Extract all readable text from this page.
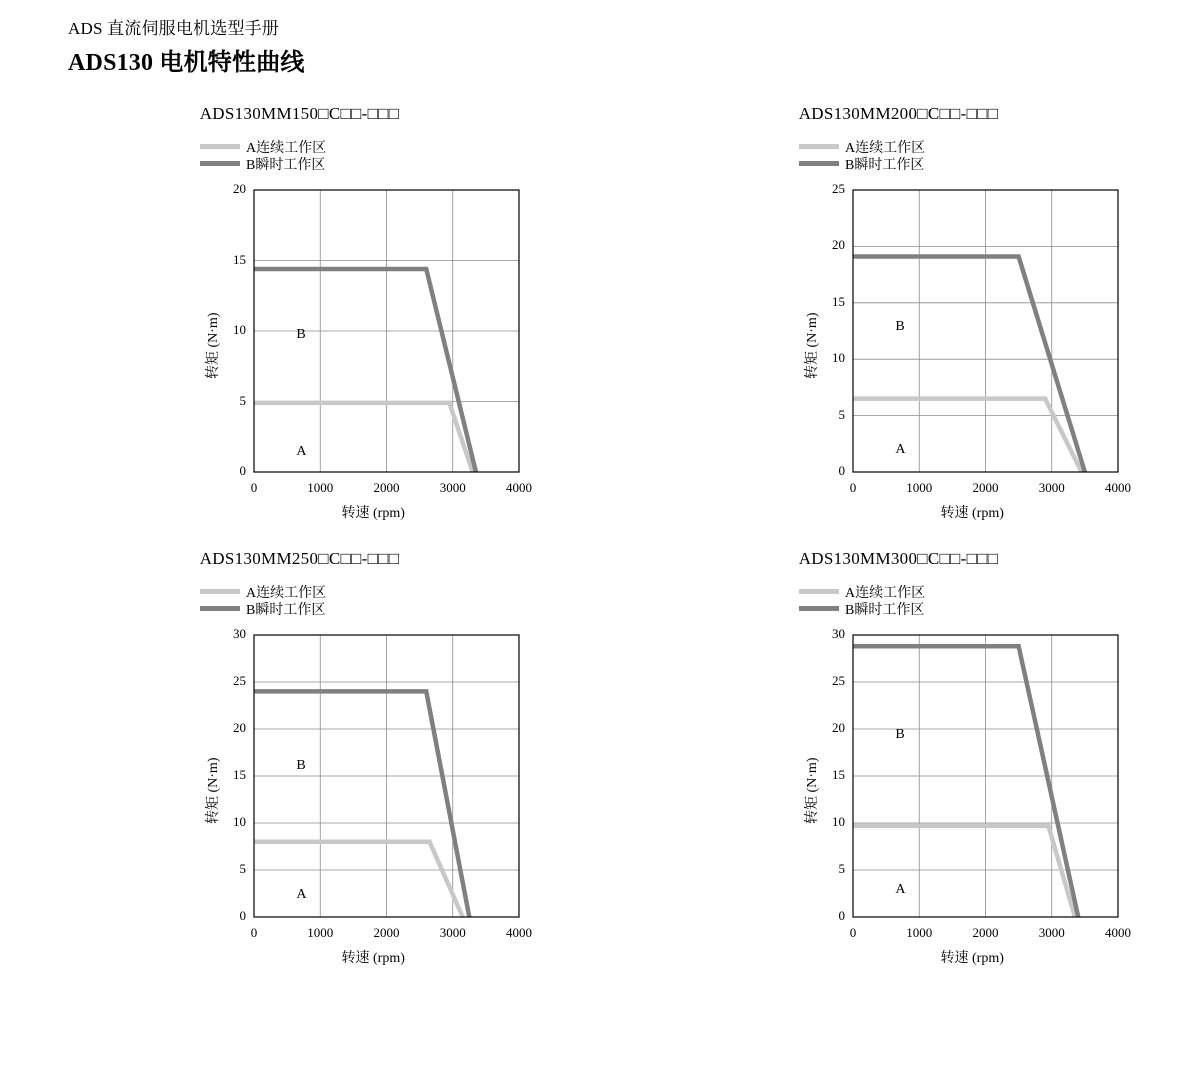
ADS 直流伺服电机选型手册
ADS130 电机特性曲线
ADS130MM150□C□□-□□□
A连续工作区
B瞬时工作区
0	1000	2000	3000	4000
0
5
10
15
20
转速 (rpm)
转矩 (N·m)
A
B
ADS130MM200□C□□-□□□
A连续工作区
B瞬时工作区
0	1000	2000	3000	4000
0
5
10
15
20
25
转速 (rpm)
转矩 (N·m)
A
B
ADS130MM250□C□□-□□□
A连续工作区
B瞬时工作区
0	1000	2000	3000	4000
0
5
10
15
20
25
30
转速 (rpm)
转矩 (N·m)
A
B
ADS130MM300□C□□-□□□
A连续工作区
B瞬时工作区
0	1000	2000	3000	4000
0
5
10
15
20
25
30
转速 (rpm)
转矩 (N·m)
A
B
